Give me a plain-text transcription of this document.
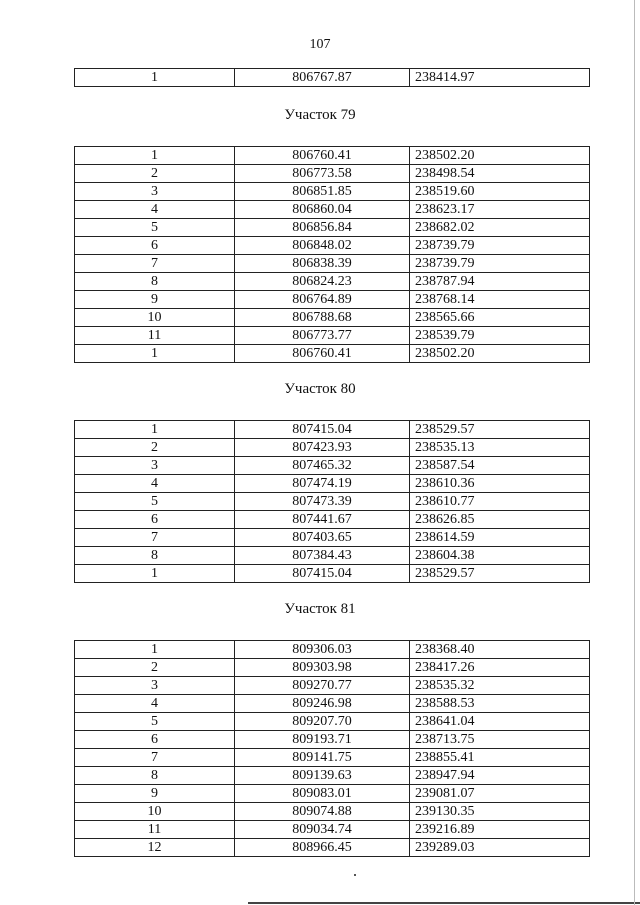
107
1	806767.87	238414.97
Участок 79
1	806760.41	238502.20
2	806773.58	238498.54
3	806851.85	238519.60
4	806860.04	238623.17
5	806856.84	238682.02
6	806848.02	238739.79
7	806838.39	238739.79
8	806824.23	238787.94
9	806764.89	238768.14
10	806788.68	238565.66
11	806773.77	238539.79
1	806760.41	238502.20
Участок 80
1	807415.04	238529.57
2	807423.93	238535.13
3	807465.32	238587.54
4	807474.19	238610.36
5	807473.39	238610.77
6	807441.67	238626.85
7	807403.65	238614.59
8	807384.43	238604.38
1	807415.04	238529.57
Участок 81
1	809306.03	238368.40
2	809303.98	238417.26
3	809270.77	238535.32
4	809246.98	238588.53
5	809207.70	238641.04
6	809193.71	238713.75
7	809141.75	238855.41
8	809139.63	238947.94
9	809083.01	239081.07
10	809074.88	239130.35
11	809034.74	239216.89
12	808966.45	239289.03
